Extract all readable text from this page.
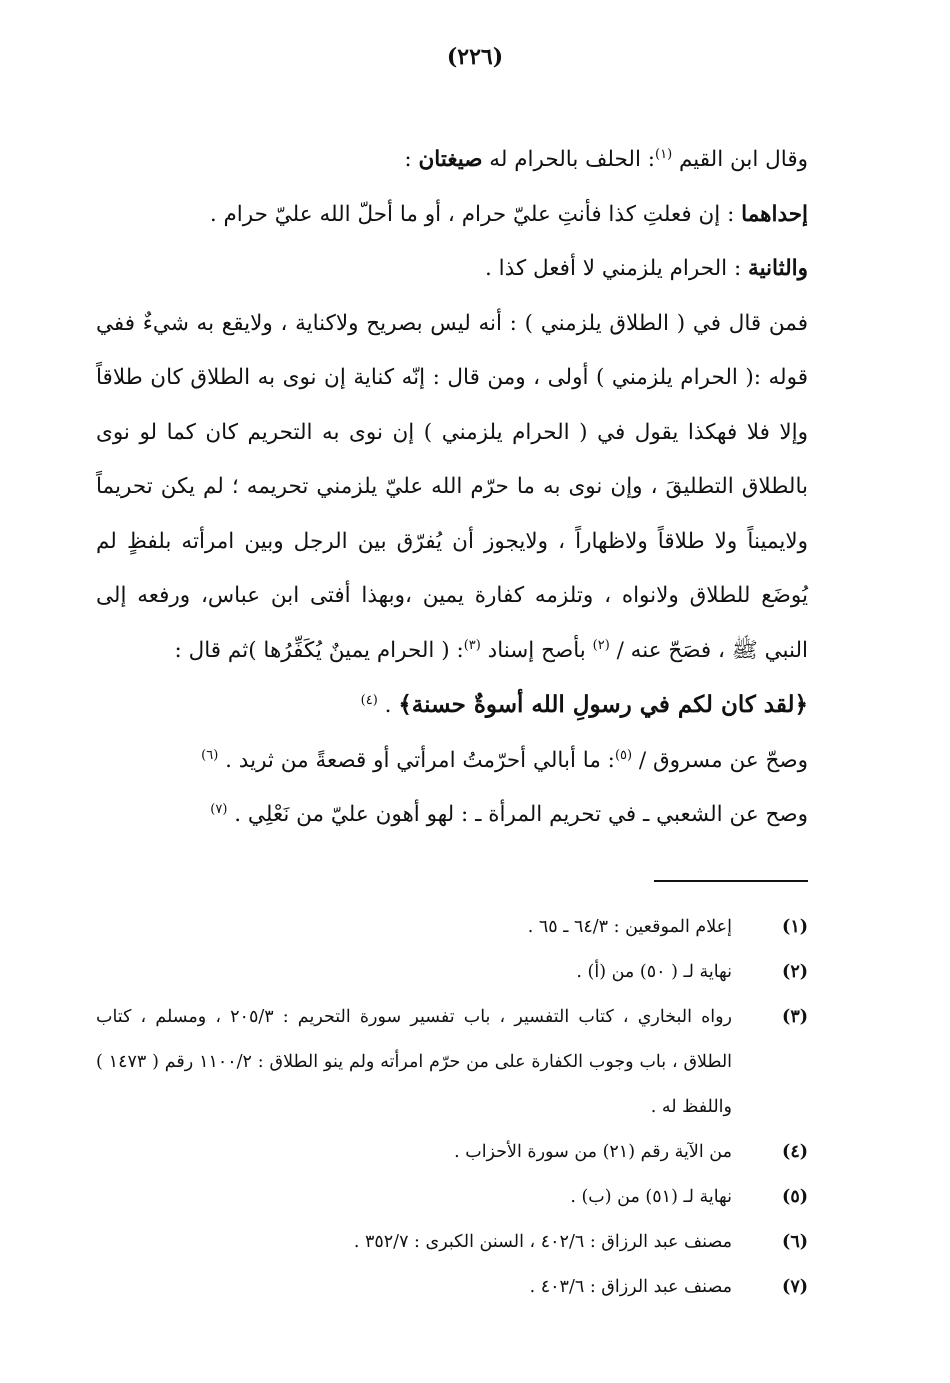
(٢٢٦)

وقال ابن القيم $^{(١)}$: الحلف بالحرام له صيغتان :

إحداهما : إن فعلتِ كذا فأنتِ عليّ حرام ، أو ما أحلّ الله عليّ حرام .

والثانية : الحرام يلزمني لا أفعل كذا .

فمن قال في ( الطلاق يلزمني ) : أنه ليس بصريح ولاكناية ، ولايقع به شيءٌ ففي قوله :( الحرام يلزمني ) أولى ، ومن قال : إنّه كناية إن نوى به الطلاق كان طلاقاً وإلا فلا فهكذا يقول في ( الحرام يلزمني ) إن نوى به التحريم كان كما لو نوى بالطلاق التطليقَ ، وإن نوى به ما حرّم الله عليّ يلزمني تحريمه ؛ لم يكن تحريماً ولايميناً ولا طلاقاً ولاظهاراً ، ولايجوز أن يُفرّق بين الرجل وبين امرأته بلفظٍ لم يُوضَع للطلاق ولانواه ، وتلزمه كفارة يمين ،وبهذا أفتى ابن عباس، ورفعه إلى النبي ﷺ ، فصَحّ عنه / $^{(٢)}$ بأصح إسناد $^{(٣)}$: ( الحرام يمينٌ يُكَفِّرُها )ثم قال :

﴿لقد كان لكم في رسولِ الله أسوةٌ حسنة﴾ . $^{(٤)}$

وصحّ عن مسروق / $^{(٥)}$: ما أبالي أحرّمتُ امرأتي أو قصعةً من ثريد . $^{(٦)}$

وصح عن الشعبي ـ في تحريم المرأة ـ : لهو أهون عليّ من نَعْلِي . $^{(٧)}$

(١)
إعلام الموقعين : ٦٤/٣ ـ ٦٥ .
(٢)
نهاية لـ ( ٥٠) من (أ) .
(٣)
رواه البخاري ، كتاب التفسير ، باب تفسير سورة التحريم : ٢٠٥/٣ ، ومسلم ، كتاب الطلاق ، باب وجوب الكفارة على من حرّم امرأته ولم ينو الطلاق : ١١٠٠/٢ رقم ( ١٤٧٣ ) واللفظ له .
(٤)
من الآية رقم (٢١) من سورة الأحزاب .
(٥)
نهاية لـ (٥١) من (ب) .
(٦)
مصنف عبد الرزاق : ٤٠٢/٦ ، السنن الكبرى : ٣٥٢/٧ .
(٧)
مصنف عبد الرزاق : ٤٠٣/٦ .
